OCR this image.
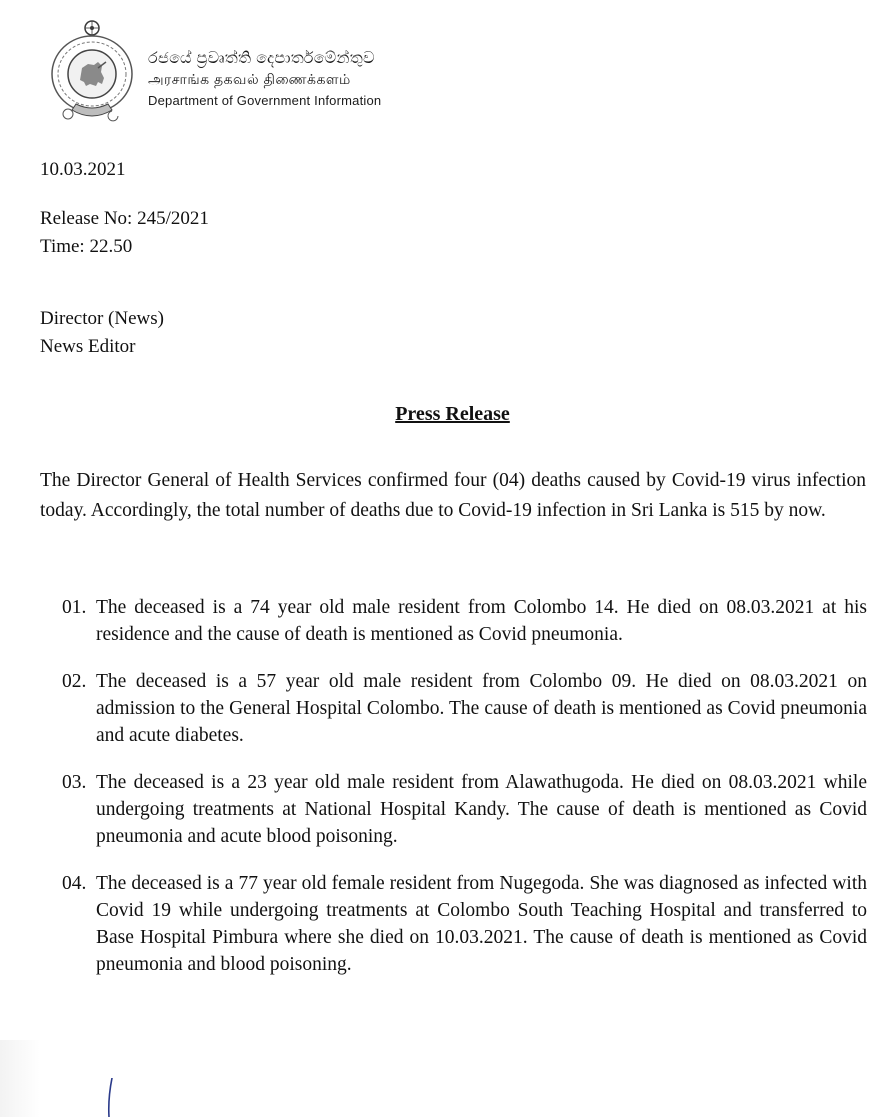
රජයේ ප්‍රවෘත්ති දෙපාර්තමේන්තුව
அரசாங்க தகவல் திணைக்களம்
Department of Government Information
10.03.2021
Release No: 245/2021
Time: 22.50
Director (News)
News Editor
Press Release

The Director General of Health Services confirmed four (04) deaths caused by Covid-19 virus infection today. Accordingly, the total number of deaths due to Covid-19 infection in Sri Lanka is 515 by now.

01. The deceased is a 74 year old male resident from Colombo 14. He died on 08.03.2021 at his residence and the cause of death is mentioned as Covid pneumonia.
02. The deceased is a 57 year old male resident from Colombo 09. He died on 08.03.2021 on admission to the General Hospital Colombo. The cause of death is mentioned as Covid pneumonia and acute diabetes.
03. The deceased is a 23 year old male resident from Alawathugoda. He died on 08.03.2021 while undergoing treatments at National Hospital Kandy. The cause of death is mentioned as Covid pneumonia and acute blood poisoning.
04. The deceased is a 77 year old female resident from Nugegoda. She was diagnosed as infected with Covid 19 while undergoing treatments at Colombo South Teaching Hospital and transferred to Base Hospital Pimbura where she died on 10.03.2021. The cause of death is mentioned as Covid pneumonia and blood poisoning.
